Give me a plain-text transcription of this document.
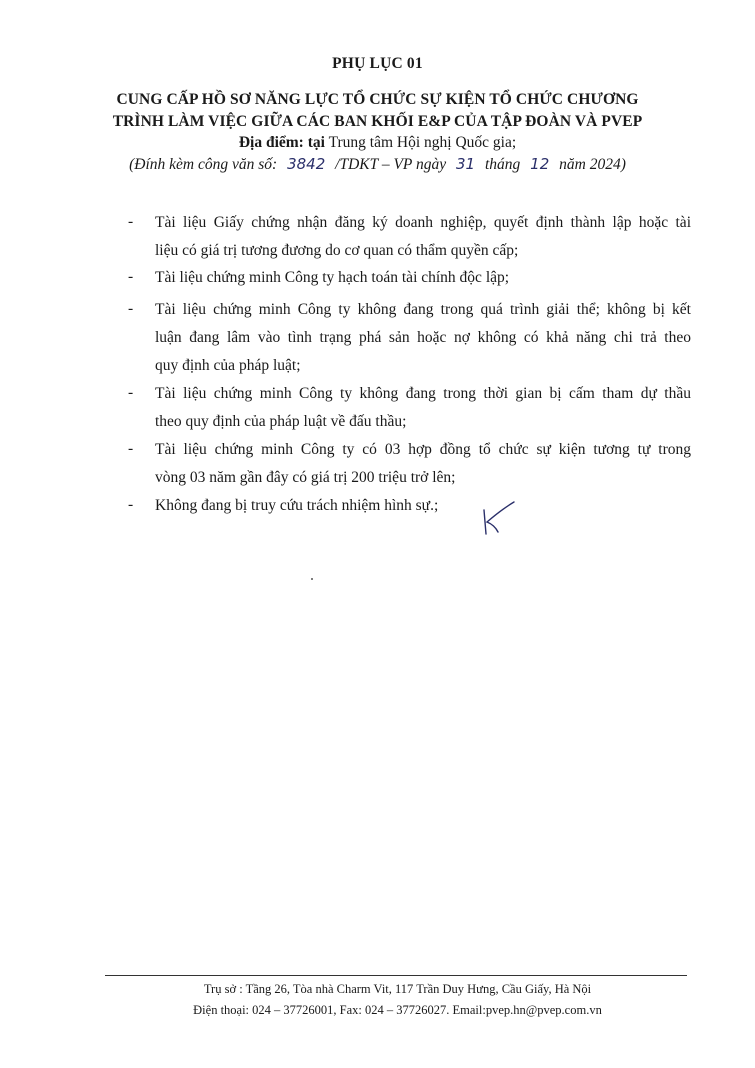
PHỤ LỤC 01
CUNG CẤP HỒ SƠ NĂNG LỰC TỔ CHỨC SỰ KIỆN TỔ CHỨC CHƯƠNG
TRÌNH LÀM VIỆC GIỮA CÁC BAN KHỐI E&P CỦA TẬP ĐOÀN VÀ PVEP
Địa điểm: tại Trung tâm Hội nghị Quốc gia;
(Đính kèm công văn số: 3842 /TDKT – VP ngày 31 tháng 12 năm 2024)
- Tài liệu Giấy chứng nhận đăng ký doanh nghiệp, quyết định thành lập hoặc tài
liệu có giá trị tương đương do cơ quan có thẩm quyền cấp;
- Tài liệu chứng minh Công ty hạch toán tài chính độc lập;
- Tài liệu chứng minh Công ty không đang trong quá trình giải thể; không bị kết
luận đang lâm vào tình trạng phá sản hoặc nợ không có khả năng chi trả theo
quy định của pháp luật;
- Tài liệu chứng minh Công ty không đang trong thời gian bị cấm tham dự thầu
theo quy định của pháp luật về đấu thầu;
- Tài liệu chứng minh Công ty có 03 hợp đồng tổ chức sự kiện tương tự trong
vòng 03 năm gần đây có giá trị 200 triệu trở lên;
- Không đang bị truy cứu trách nhiệm hình sự.;
Trụ sở : Tầng 26, Tòa nhà Charm Vit, 117 Trần Duy Hưng, Cầu Giấy, Hà Nội
Điện thoại: 024 – 37726001, Fax: 024 – 37726027. Email:pvep.hn@pvep.com.vn
